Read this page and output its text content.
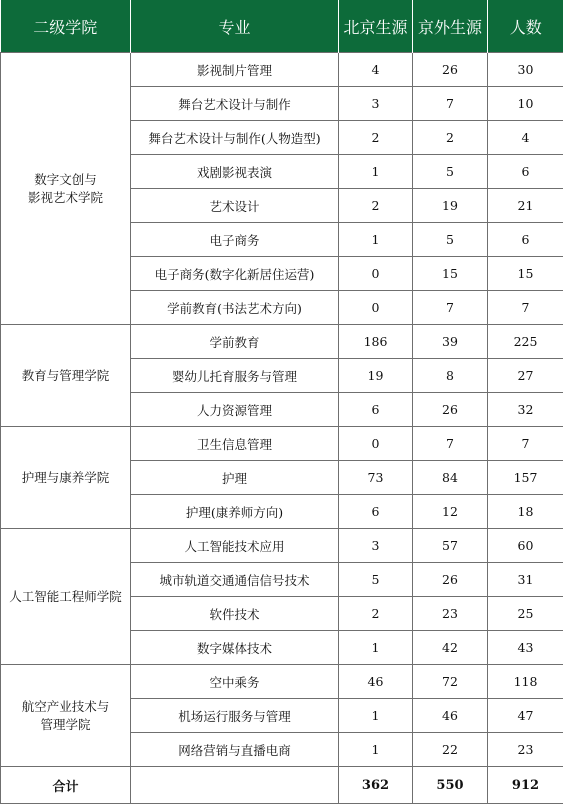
二级学院	专业	北京生源	京外生源	人数
数字文创与
影视艺术学院	影视制片管理	4	26	30
	舞台艺术设计与制作	3	7	10
	舞台艺术设计与制作(人物造型)	2	2	4
	戏剧影视表演	1	5	6
	艺术设计	2	19	21
	电子商务	1	5	6
	电子商务(数字化新居住运营)	0	15	15
	学前教育(书法艺术方向)	0	7	7
教育与管理学院	学前教育	186	39	225
	婴幼儿托育服务与管理	19	8	27
	人力资源管理	6	26	32
护理与康养学院	卫生信息管理	0	7	7
	护理	73	84	157
	护理(康养师方向)	6	12	18
人工智能工程师学院	人工智能技术应用	3	57	60
	城市轨道交通通信信号技术	5	26	31
	软件技术	2	23	25
	数字媒体技术	1	42	43
航空产业技术与
管理学院	空中乘务	46	72	118
	机场运行服务与管理	1	46	47
	网络营销与直播电商	1	22	23
合计		362	550	912
